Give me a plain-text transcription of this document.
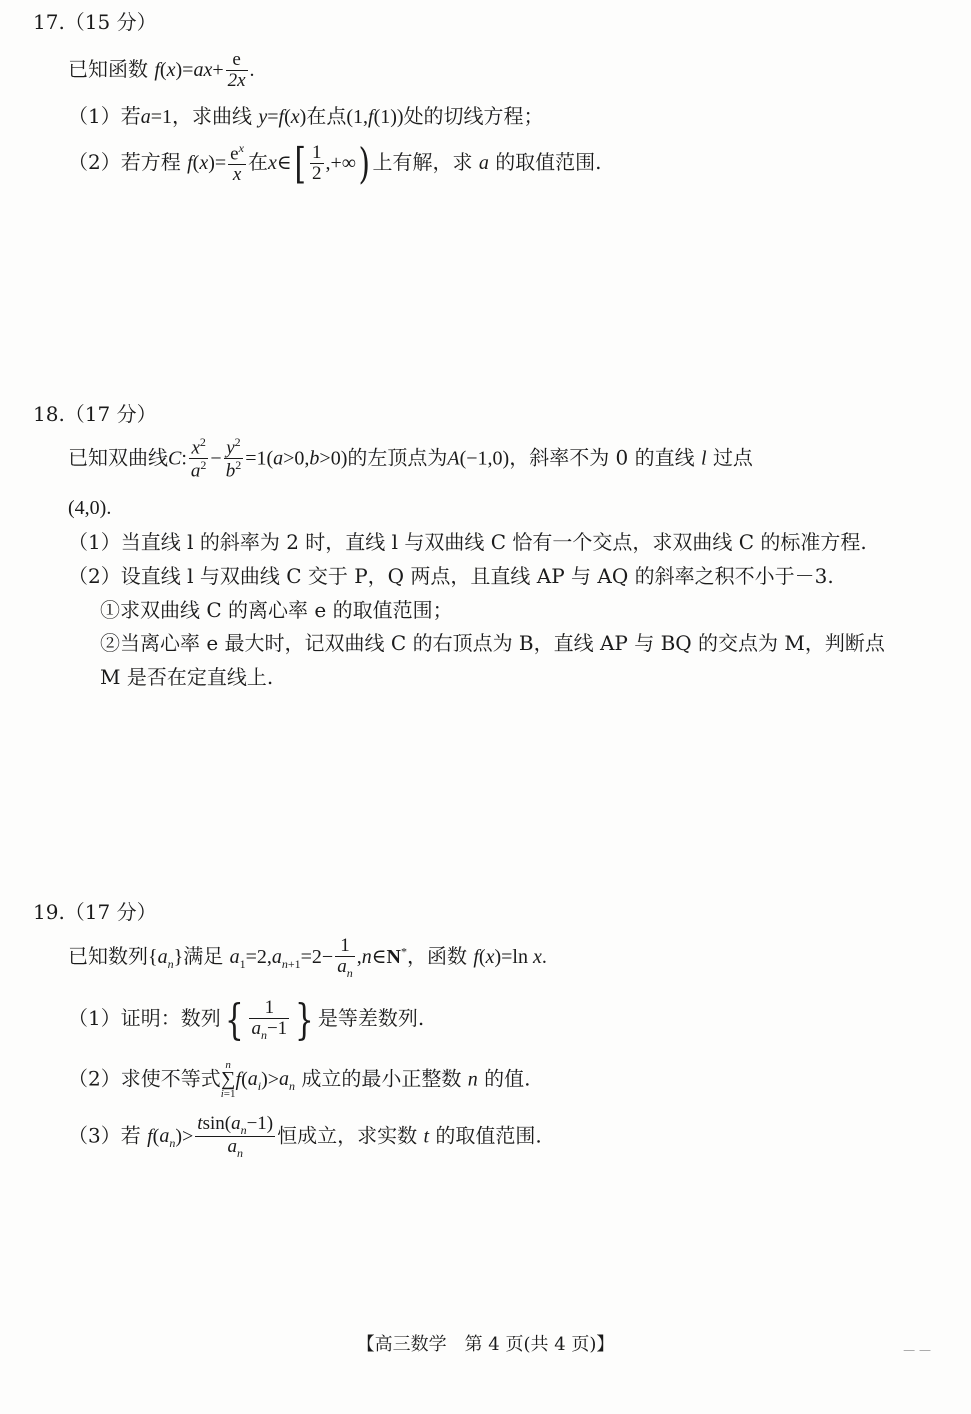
17.（15 分）
已知函数 $f(x)=ax+ \frac{e}{2x}$ .
（1）若a=1，求曲线 y=f(x)在点(1,f(1))处的切线方程；
（2）若方程 $f(x)= \frac{e^x}{x}$ 在x∈[ $\frac{1}{2}$ ,+∞) 上有解，求 a 的取值范围.
18.（17 分）
已知双曲线C: $\frac{x^2}{a^2} - \frac{y^2}{b^2} =1(a>0,b>0)$的左顶点为A(−1,0)，斜率不为 0 的直线 l 过点
(4,0).
（1）当直线 l 的斜率为 2 时，直线 l 与双曲线 C 恰有一个交点，求双曲线 C 的标准方程.
（2）设直线 l 与双曲线 C 交于 P，Q 两点，且直线 AP 与 AQ 的斜率之积不小于－3.
①求双曲线 C 的离心率 e 的取值范围；
②当离心率 e 最大时，记双曲线 C 的右顶点为 B，直线 AP 与 BQ 的交点为 M，判断点
M 是否在定直线上.
19.（17 分）
已知数列$\{a_n\}$满足 $a_1=2,a_{n+1}=2- \frac{1}{a_n}$ ,n∈N*，函数 f(x)=ln x.
（1）证明：数列{ $\frac{1}{a_n-1}$ } 是等差数列.
（2）求使不等式
n
∑
i=1
$f(a_i)>a_n$ 成立的最小正整数 n 的值.
（3）若 $f(a_n)> \frac{tsin(a_n-1)}{a_n}$ 恒成立，求实数 t 的取值范围.
【高三数学　第 4 页(共 4 页)】	— —
